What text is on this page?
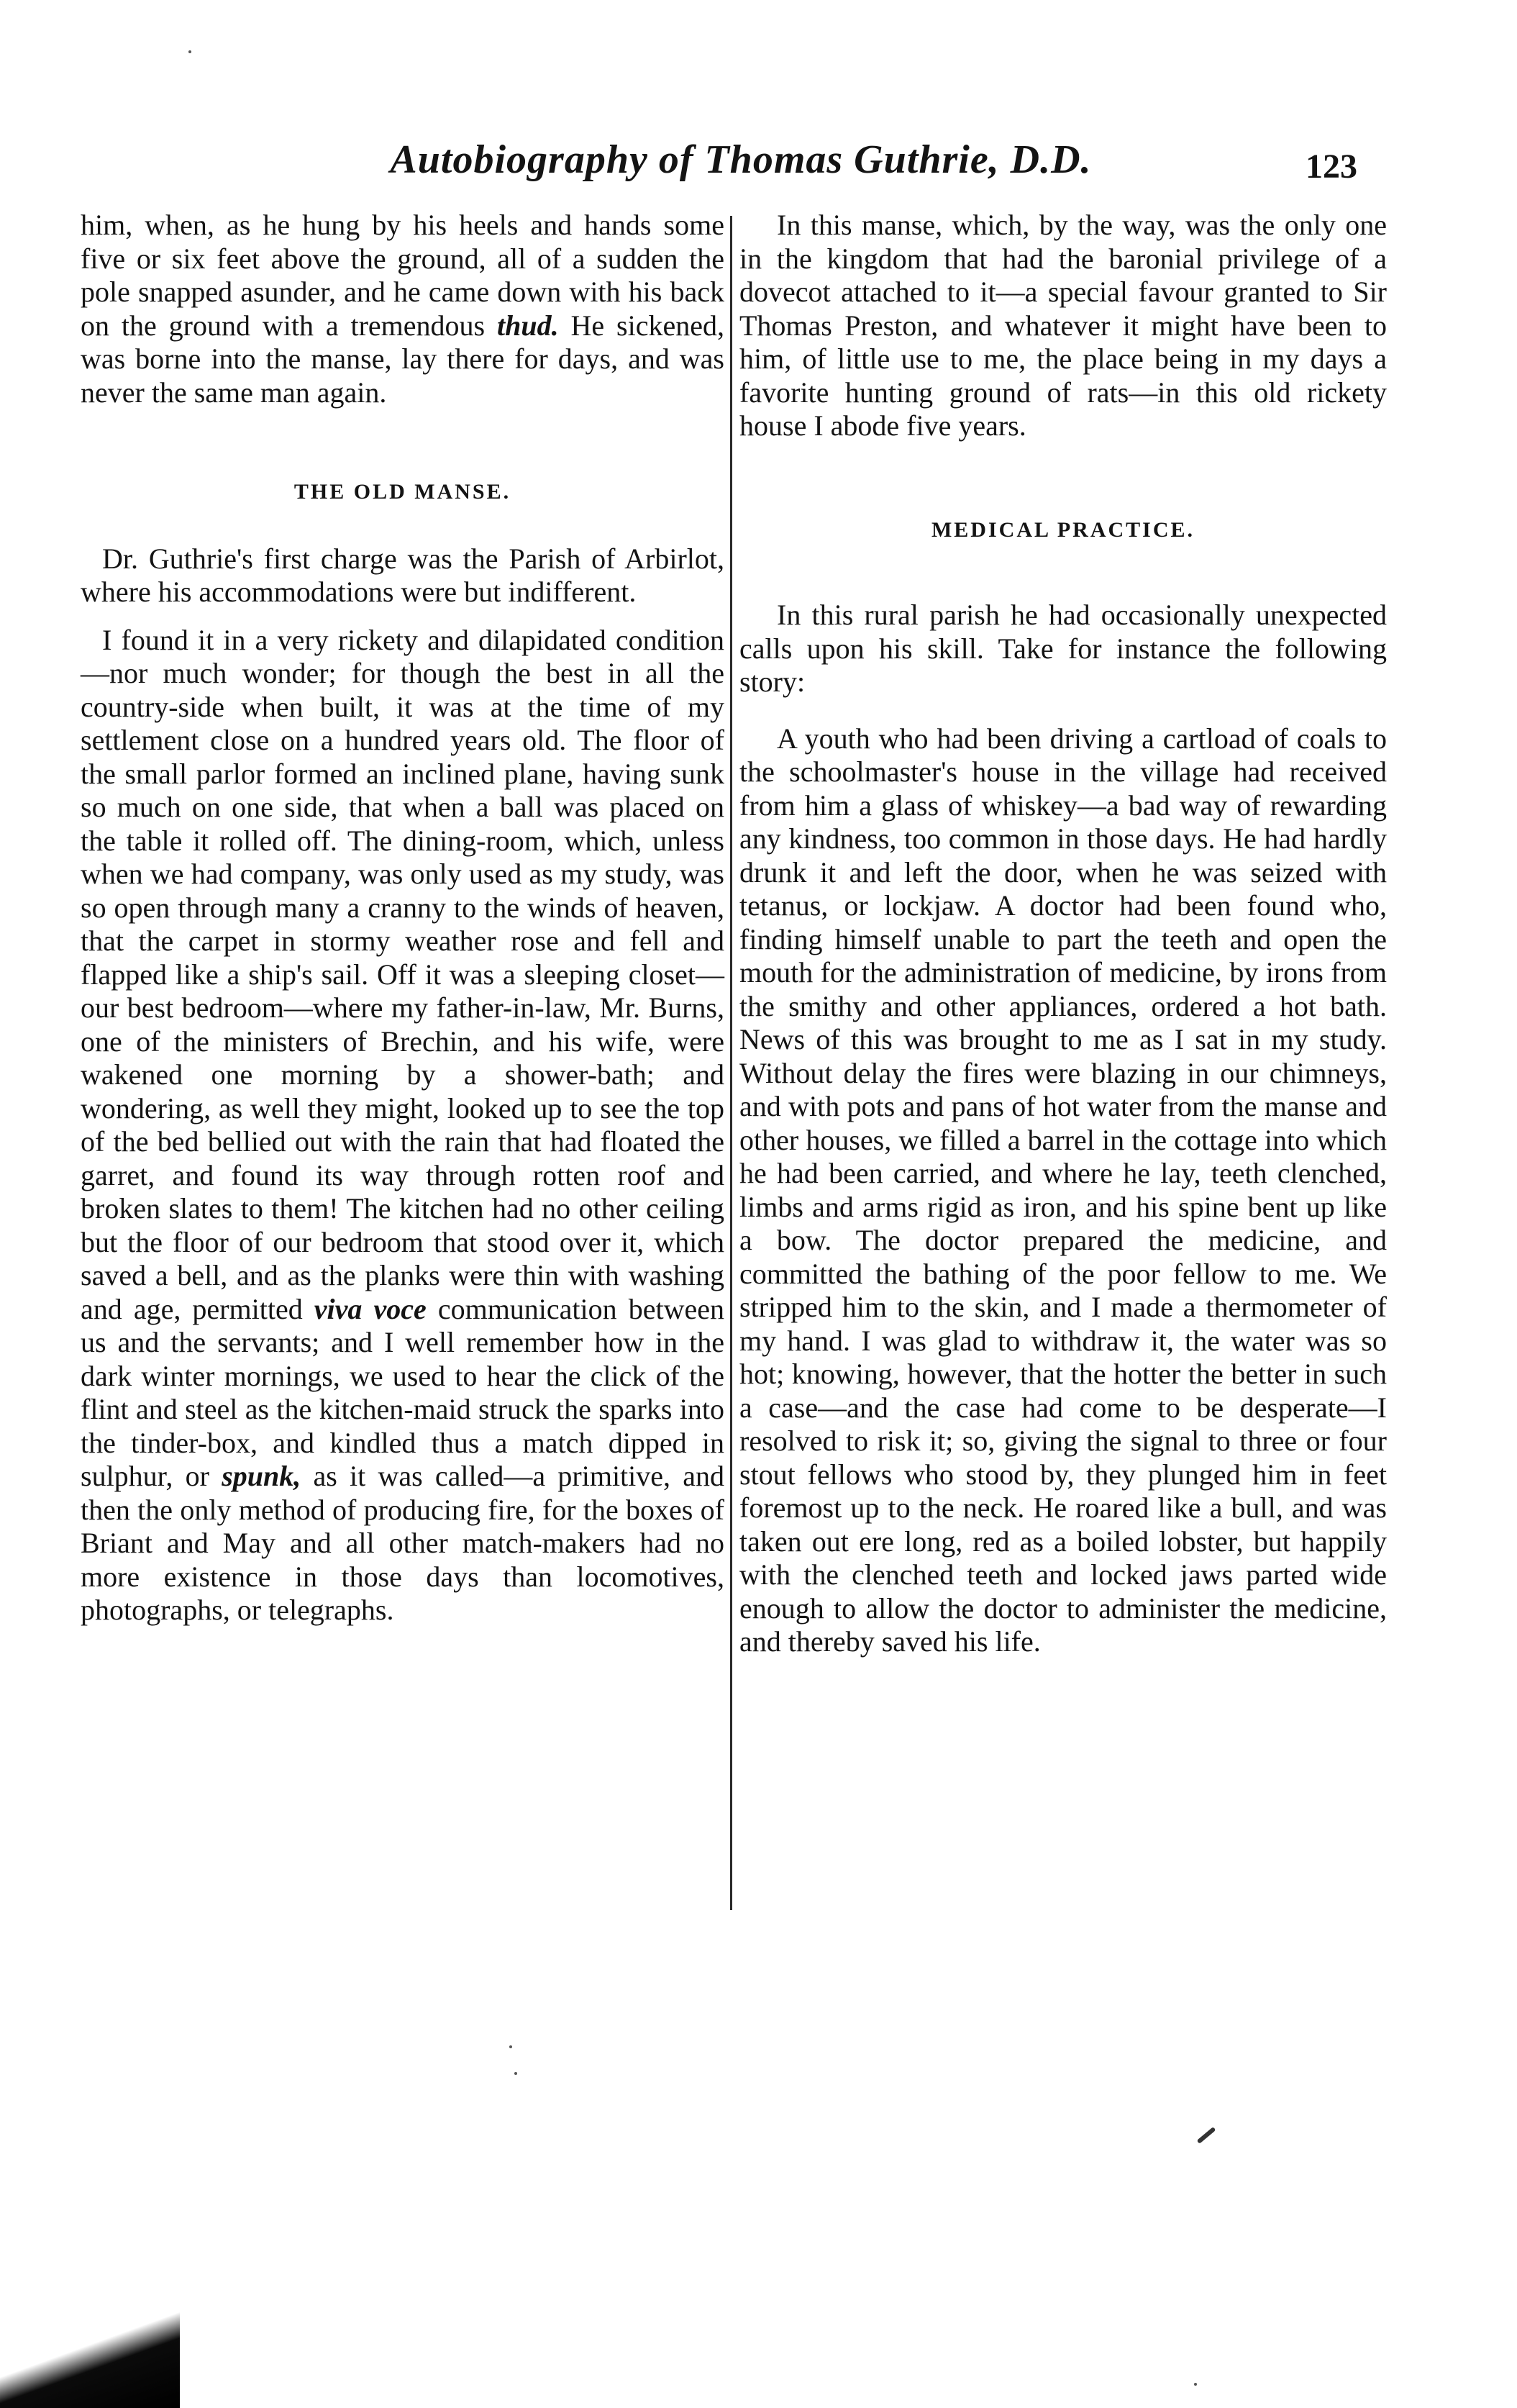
Autobiography of Thomas Guthrie, D.D.	123

him, when, as he hung by his heels and hands some five or six feet above the ground, all of a sudden the pole snapped asunder, and he came down with his back on the ground with a tremendous thud. He sickened, was borne into the manse, lay there for days, and was never the same man again.

THE OLD MANSE.

Dr. Guthrie's first charge was the Parish of Arbirlot, where his accommodations were but indifferent.

I found it in a very rickety and dilapidated condition—nor much wonder; for though the best in all the country-side when built, it was at the time of my settlement close on a hundred years old. The floor of the small parlor formed an inclined plane, having sunk so much on one side, that when a ball was placed on the table it rolled off. The dining-room, which, unless when we had company, was only used as my study, was so open through many a cranny to the winds of heaven, that the carpet in stormy weather rose and fell and flapped like a ship's sail. Off it was a sleeping closet—our best bedroom—where my father-in-law, Mr. Burns, one of the ministers of Brechin, and his wife, were wakened one morning by a shower-bath; and wondering, as well they might, looked up to see the top of the bed bellied out with the rain that had floated the garret, and found its way through rotten roof and broken slates to them! The kitchen had no other ceiling but the floor of our bedroom that stood over it, which saved a bell, and as the planks were thin with washing and age, permitted viva voce communication between us and the servants; and I well remember how in the dark winter mornings, we used to hear the click of the flint and steel as the kitchen-maid struck the sparks into the tinder-box, and kindled thus a match dipped in sulphur, or spunk, as it was called—a primitive, and then the only method of producing fire, for the boxes of Briant and May and all other match-makers had no more existence in those days than locomotives, photographs, or telegraphs.

In this manse, which, by the way, was the only one in the kingdom that had the baronial privilege of a dovecot attached to it—a special favour granted to Sir Thomas Preston, and whatever it might have been to him, of little use to me, the place being in my days a favorite hunting ground of rats—in this old rickety house I abode five years.

MEDICAL PRACTICE.

In this rural parish he had occasionally unexpected calls upon his skill. Take for instance the following story:

A youth who had been driving a cartload of coals to the schoolmaster's house in the village had received from him a glass of whiskey—a bad way of rewarding any kindness, too common in those days. He had hardly drunk it and left the door, when he was seized with tetanus, or lockjaw. A doctor had been found who, finding himself unable to part the teeth and open the mouth for the administration of medicine, by irons from the smithy and other appliances, ordered a hot bath. News of this was brought to me as I sat in my study. Without delay the fires were blazing in our chimneys, and with pots and pans of hot water from the manse and other houses, we filled a barrel in the cottage into which he had been carried, and where he lay, teeth clenched, limbs and arms rigid as iron, and his spine bent up like a bow. The doctor prepared the medicine, and committed the bathing of the poor fellow to me. We stripped him to the skin, and I made a thermometer of my hand. I was glad to withdraw it, the water was so hot; knowing, however, that the hotter the better in such a case—and the case had come to be desperate—I resolved to risk it; so, giving the signal to three or four stout fellows who stood by, they plunged him in feet foremost up to the neck. He roared like a bull, and was taken out ere long, red as a boiled lobster, but happily with the clenched teeth and locked jaws parted wide enough to allow the doctor to administer the medicine, and thereby saved his life.
